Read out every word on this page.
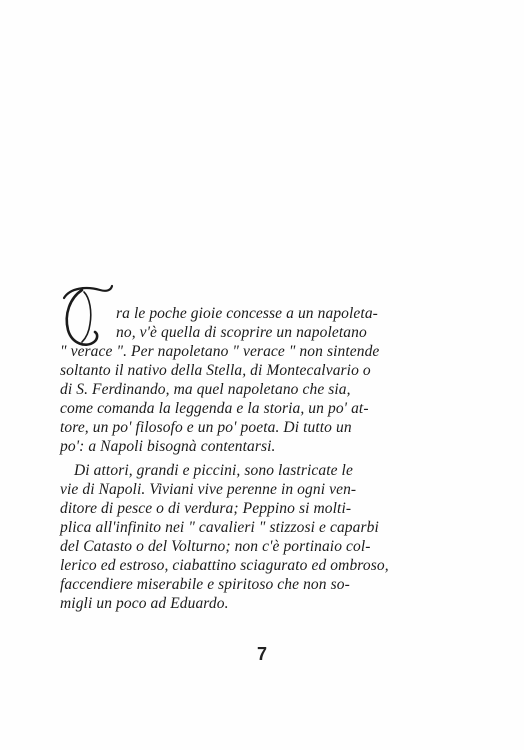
ra le poche gioie concesse a un napoleta-
no, v'è quella di scoprire un napoletano
" verace ". Per napoletano " verace " non sintende
soltanto il nativo della Stella, di Montecalvario o
di S. Ferdinando, ma quel napoletano che sia,
come comanda la leggenda e la storia, un po' at-
tore, un po' filosofo e un po' poeta. Di tutto un
po': a Napoli bisognà contentarsi.
Di attori, grandi e piccini, sono lastricate le
vie di Napoli. Viviani vive perenne in ogni ven-
ditore di pesce o di verdura; Peppino si molti-
plica all'infinito nei " cavalieri " stizzosi e caparbi
del Catasto o del Volturno; non c'è portinaio col-
lerico ed estroso, ciabattino sciagurato ed ombroso,
faccendiere miserabile e spiritoso che non so-
migli un poco ad Eduardo.
7
